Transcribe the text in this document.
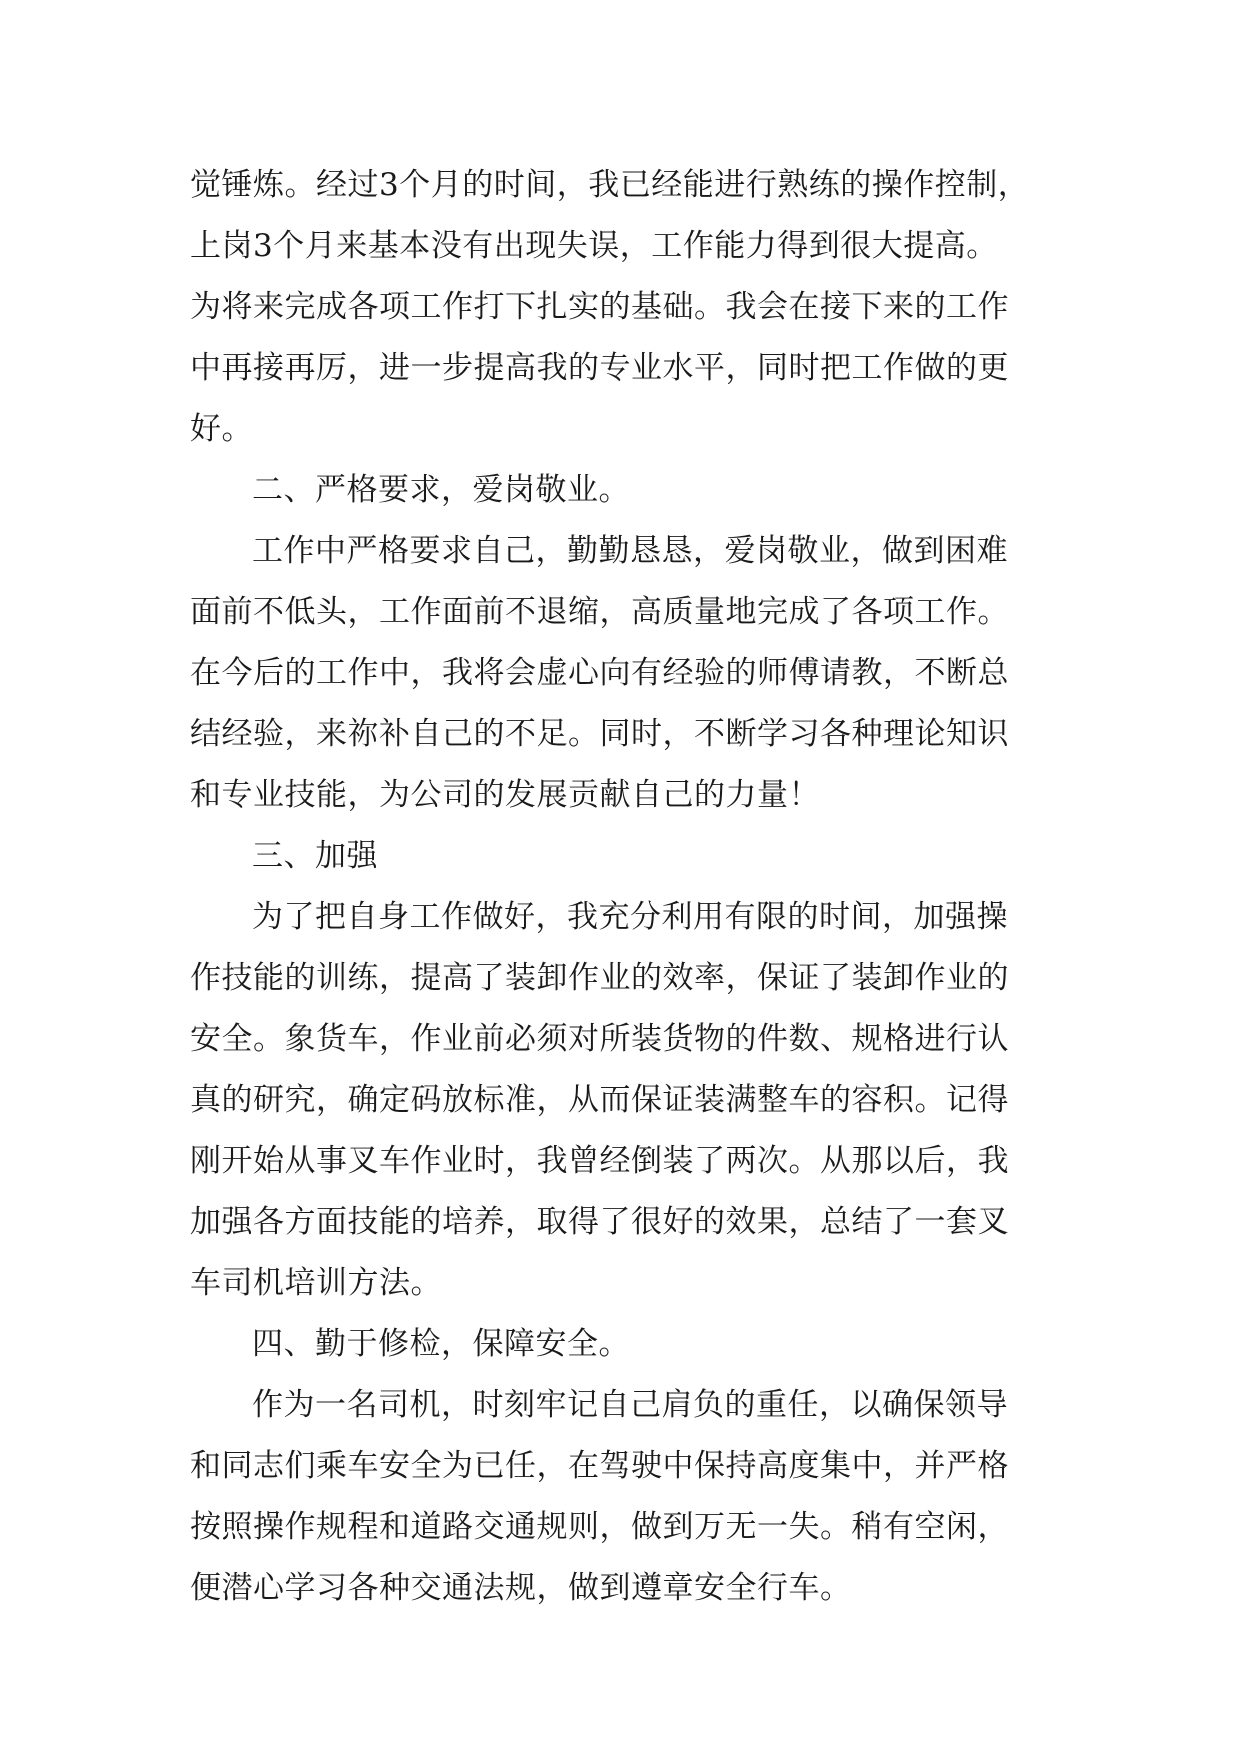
觉锤炼。经过3个月的时间，我已经能进行熟练的操作控制，
上岗3个月来基本没有出现失误，工作能力得到很大提高。
为将来完成各项工作打下扎实的基础。我会在接下来的工作
中再接再厉，进一步提高我的专业水平，同时把工作做的更
好。
二、严格要求，爱岗敬业。
工作中严格要求自己，勤勤恳恳，爱岗敬业，做到困难
面前不低头，工作面前不退缩，高质量地完成了各项工作。
在今后的工作中，我将会虚心向有经验的师傅请教，不断总
结经验，来祢补自己的不足。同时，不断学习各种理论知识
和专业技能，为公司的发展贡献自己的力量！
三、加强
为了把自身工作做好，我充分利用有限的时间，加强操
作技能的训练，提高了装卸作业的效率，保证了装卸作业的
安全。象货车，作业前必须对所装货物的件数、规格进行认
真的研究，确定码放标准，从而保证装满整车的容积。记得
刚开始从事叉车作业时，我曾经倒装了两次。从那以后，我
加强各方面技能的培养，取得了很好的效果，总结了一套叉
车司机培训方法。
四、勤于修检，保障安全。
作为一名司机，时刻牢记自己肩负的重任，以确保领导
和同志们乘车安全为已任，在驾驶中保持高度集中，并严格
按照操作规程和道路交通规则，做到万无一失。稍有空闲，
便潜心学习各种交通法规，做到遵章安全行车。
